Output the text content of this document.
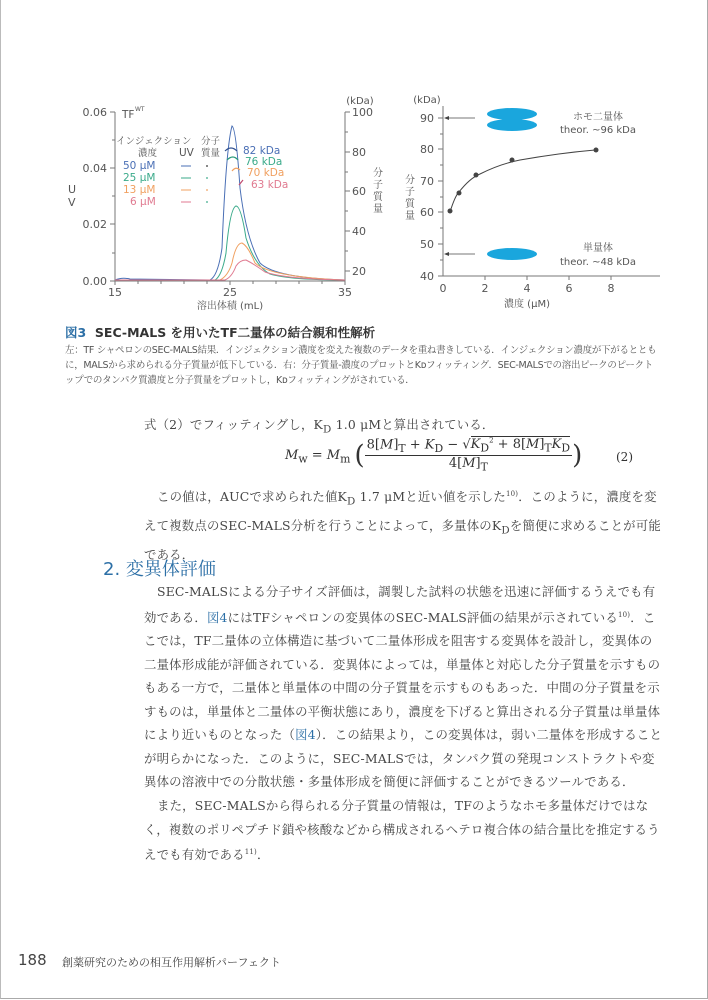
0.06
0.04
0.02
0.00
U
V
TF WT
15	25	35
溶出体積 (mL)
(kDa)
100
80
60
40
20
分
子
質
量
インジェクション
濃度 UV
分子
質量
50 μM
25 μM
13 μM
6 μM
82 kDa
76 kDa
70 kDa
63 kDa
(kDa)
90
80
70
60
50
40
分
子
質
量
0	2	4	6	8
濃度 (μM)
ホモ二量体
theor. ~96 kDa
単量体
theor. ~48 kDa
図3 SEC-MALS を用いたTF二量体の結合親和性解析
左：TF シャペロンのSEC-MALS結果．インジェクション濃度を変えた複数のデータを重ね書きしている．インジェクション濃度が下がるとともに，MALSから求められる分子質量が低下している．右：分子質量-濃度のプロットとKᴅフィッティング．SEC-MALSでの溶出ピークのピークトップでのタンパク質濃度と分子質量をプロットし，Kᴅフィッティングがされている．
式（2）でフィッティングし，$K_D$ 1.0 μMと算出されている．
$M_w = M_m$ ( $8[M]_T + K_D - √K_D^2 + 8[M]_TK_D$
$4[M]_T$	)	(2)
この値は，AUCで求められた値$K_D$ 1.7 μMと近い値を示した$^{10)}$．このように，濃度を変えて複数点のSEC-MALS分析を行うことによって，多量体の$K_D$を簡便に求めることが可能である．
2. 変異体評価
SEC-MALSによる分子サイズ評価は，調製した試料の状態を迅速に評価するうえでも有効である．図4にはTFシャペロンの変異体のSEC-MALS評価の結果が示されている$^{10)}$．ここでは，TF二量体の立体構造に基づいて二量体形成を阻害する変異体を設計し，変異体の二量体形成能が評価されている．変異体によっては，単量体と対応した分子質量を示すものもある一方で，二量体と単量体の中間の分子質量を示すものもあった．中間の分子質量を示すものは，単量体と二量体の平衡状態にあり，濃度を下げると算出される分子質量は単量体により近いものとなった（図4）．この結果より，この変異体は，弱い二量体を形成することが明らかになった．このように，SEC-MALSでは，タンパク質の発現コンストラクトや変異体の溶液中での分散状態・多量体形成を簡便に評価することができるツールである．
また，SEC-MALSから得られる分子質量の情報は，TFのようなホモ多量体だけではなく，複数のポリペプチド鎖や核酸などから構成されるヘテロ複合体の結合量比を推定するうえでも有効である$^{11)}$．
188 創薬研究のための相互作用解析パーフェクト
